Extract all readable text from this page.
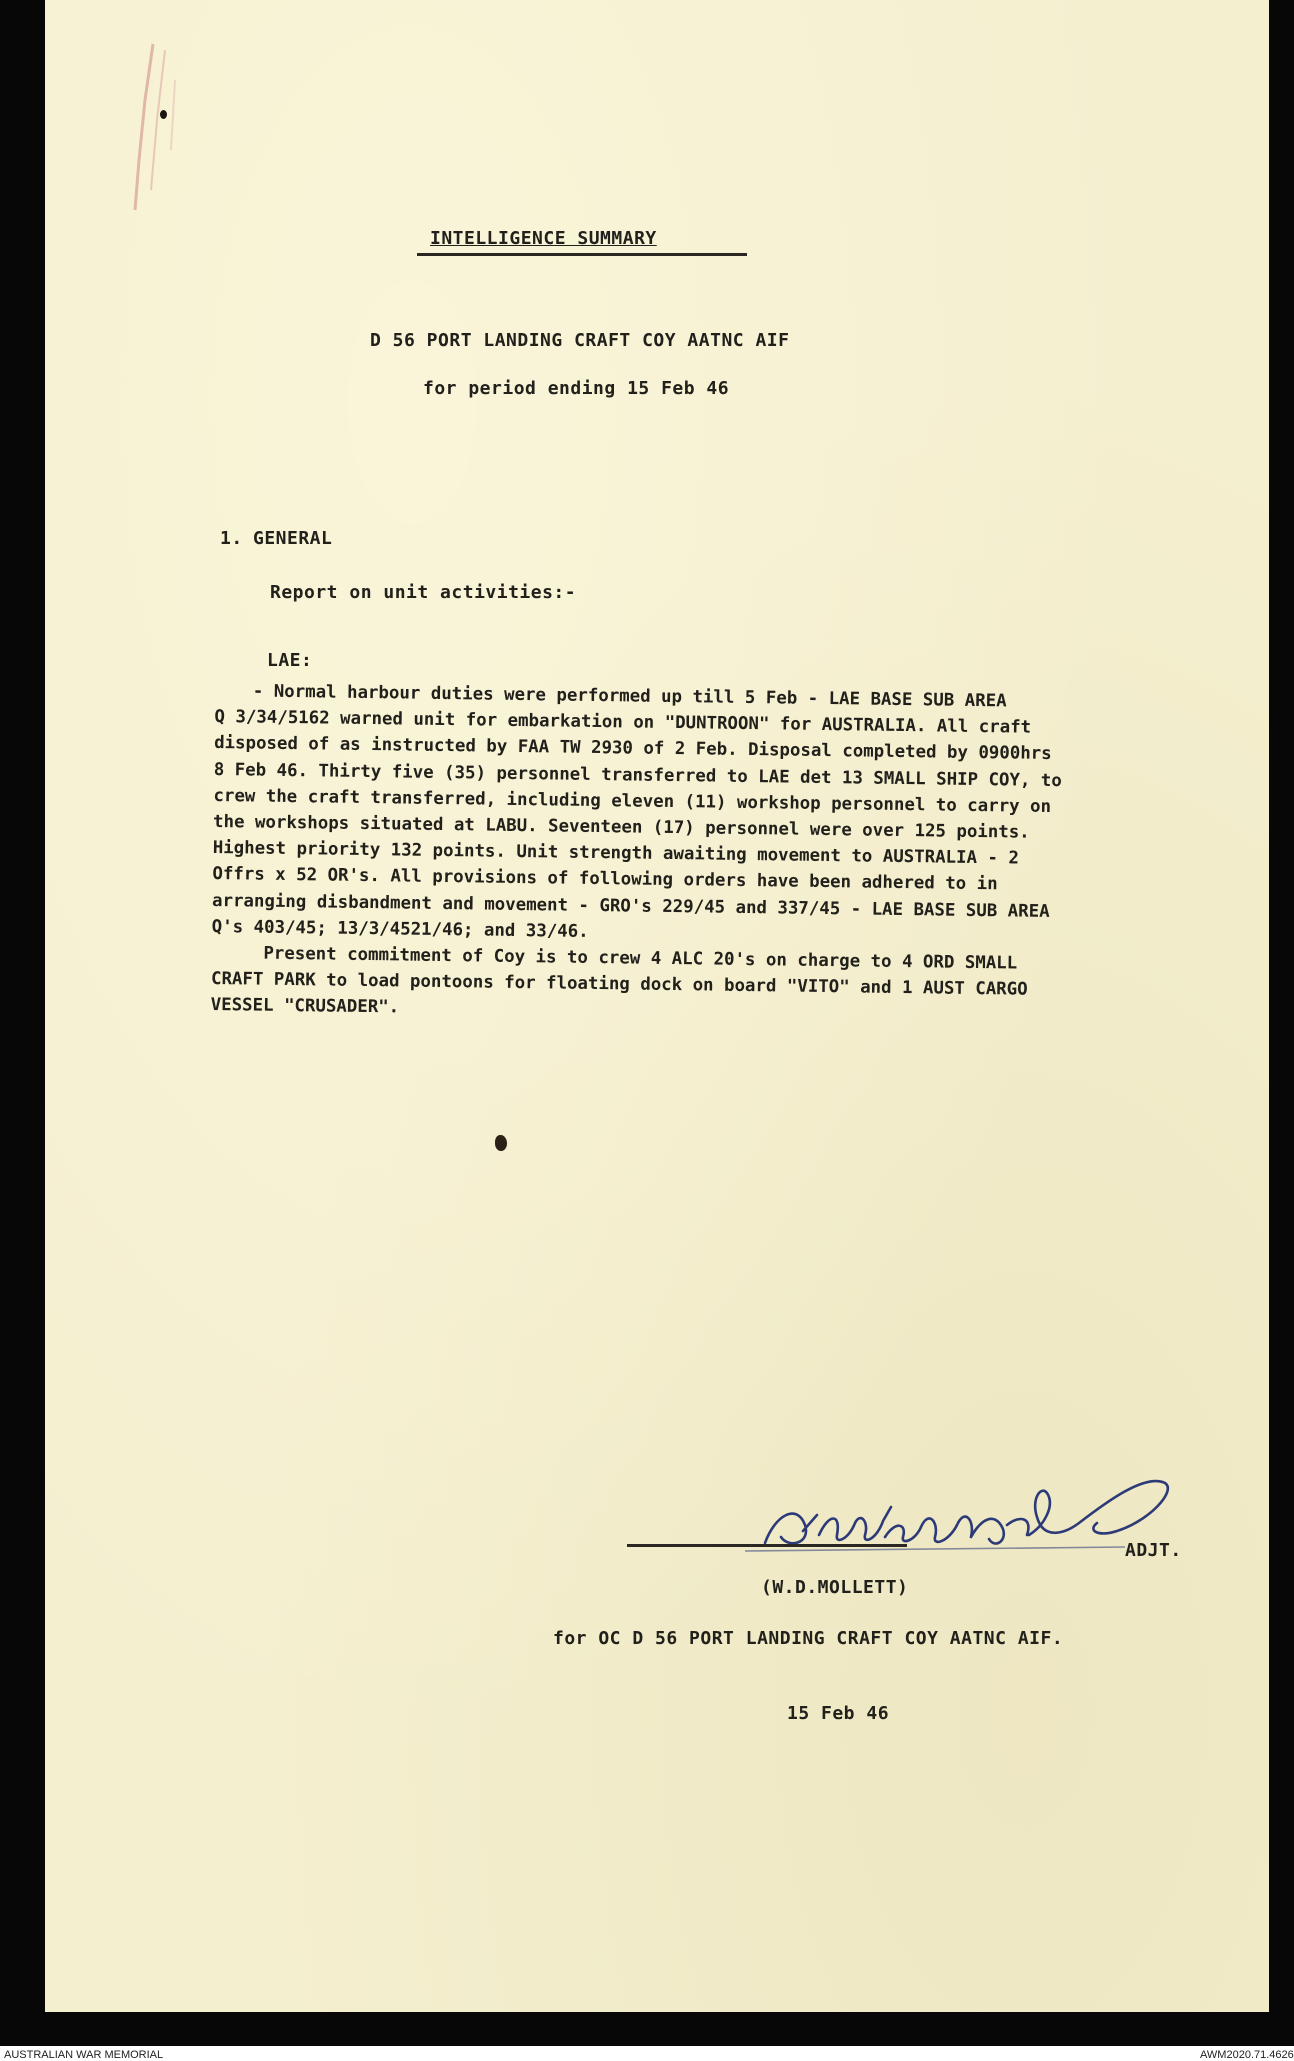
INTELLIGENCE SUMMARY
D 56 PORT LANDING CRAFT COY AATNC AIF
for period ending 15 Feb 46
1. GENERAL
Report on unit activities:-
LAE:
- Normal harbour duties were performed up till 5 Feb - LAE BASE SUB AREA
Q 3/34/5162 warned unit for embarkation on "DUNTROON" for AUSTRALIA. All craft
disposed of as instructed by FAA TW 2930 of 2 Feb. Disposal completed by 0900hrs
8 Feb 46. Thirty five (35) personnel transferred to LAE det 13 SMALL SHIP COY, to
crew the craft transferred, including eleven (11) workshop personnel to carry on
the workshops situated at LABU. Seventeen (17) personnel were over 125 points.
Highest priority 132 points. Unit strength awaiting movement to AUSTRALIA - 2
Offrs x 52 OR's. All provisions of following orders have been adhered to in
arranging disbandment and movement - GRO's 229/45 and 337/45 - LAE BASE SUB AREA
Q's 403/45; 13/3/4521/46; and 33/46.
Present commitment of Coy is to crew 4 ALC 20's on charge to 4 ORD SMALL
CRAFT PARK to load pontoons for floating dock on board "VITO" and 1 AUST CARGO
VESSEL "CRUSADER".
ADJT.
(W.D.MOLLETT)
for OC D 56 PORT LANDING CRAFT COY AATNC AIF.
15 Feb 46
AUSTRALIAN WAR MEMORIAL	AWM2020.71.4626
